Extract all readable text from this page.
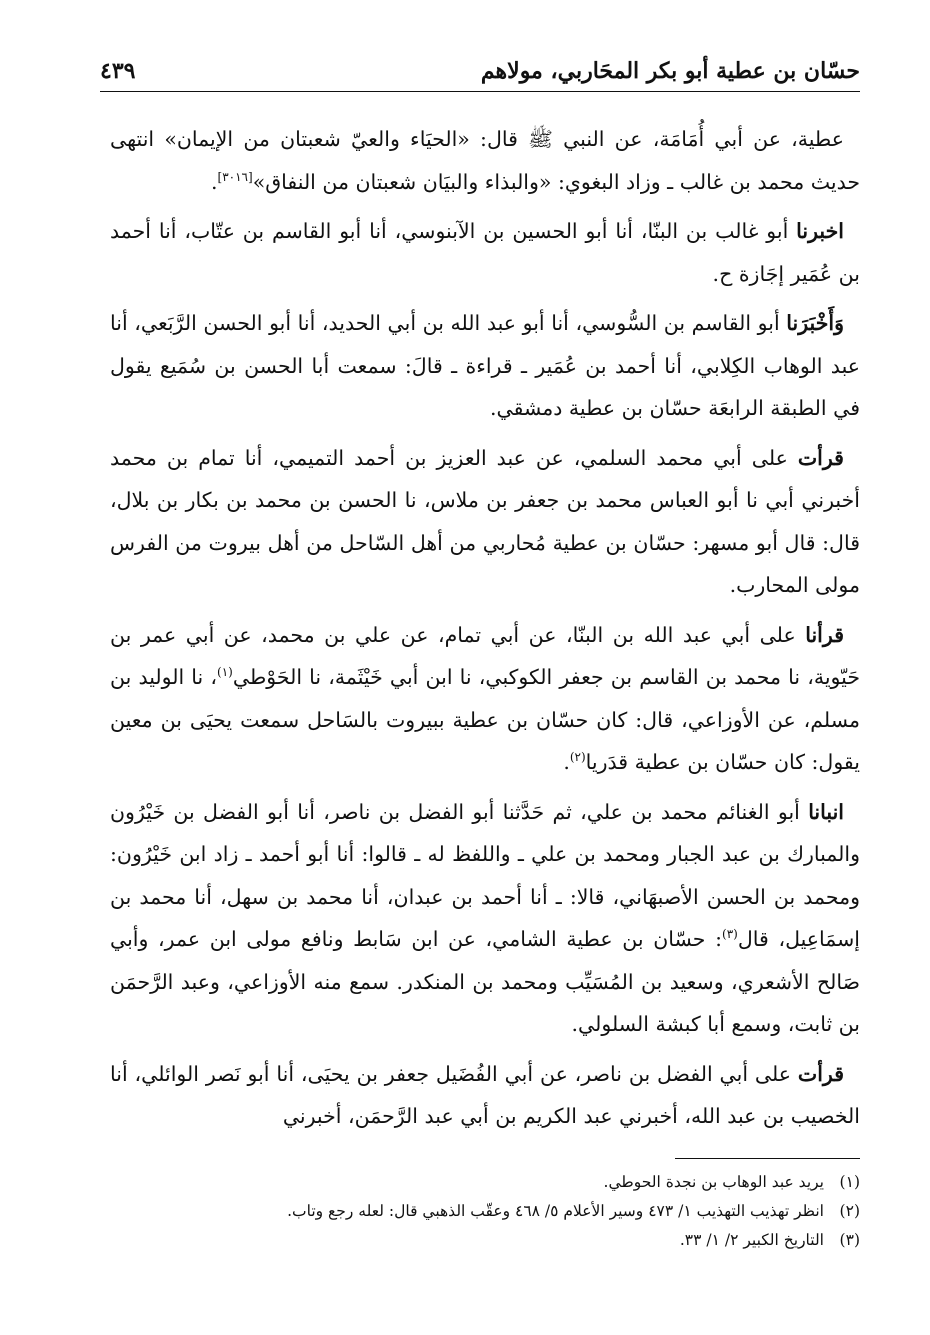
حسّان بن عطية أبو بكر المحَاربي، مولاهم
٤٣٩

عطية، عن أبي أُمَامَة، عن النبي ﷺ قال: «الحيَاء والعيّ شعبتان من الإيمان» انتهى حديث محمد بن غالب ـ وزاد البغوي: «والبذاء والبيَان شعبتان من النفاق»[٣٠١٦].

اخبرنا أبو غالب بن البنّا، أنا أبو الحسين بن الآبنوسي، أنا أبو القاسم بن عتّاب، أنا أحمد بن عُمَير إجَازة ح.

وَأَخْبَرَنا أبو القاسم بن السُّوسي، أنا أبو عبد الله بن أبي الحديد، أنا أبو الحسن الرَّبَعي، أنا عبد الوهاب الكِلابي، أنا أحمد بن عُمَير ـ قراءة ـ قالَ: سمعت أبا الحسن بن سُمَيع يقول في الطبقة الرابعَة حسّان بن عطية دمشقي.

قرأت على أبي محمد السلمي، عن عبد العزيز بن أحمد التميمي، أنا تمام بن محمد أخبرني أبي نا أبو العباس محمد بن جعفر بن ملاس، نا الحسن بن محمد بن بكار بن بلال، قال: قال أبو مسهر: حسّان بن عطية مُحاربي من أهل السّاحل من أهل بيروت من الفرس مولى المحارب.

قرأنا على أبي عبد الله بن البنّا، عن أبي تمام، عن علي بن محمد، عن أبي عمر بن حَيّوية، نا محمد بن القاسم بن جعفر الكوكبي، نا ابن أبي خَيْثَمة، نا الحَوْطي$^{(١)}$، نا الوليد بن مسلم، عن الأوزاعي، قال: كان حسّان بن عطية ببيروت بالسَاحل سمعت يحيَى بن معين يقول: كان حسّان بن عطية قدَريا$^{(٢)}$.

انبانا أبو الغنائم محمد بن علي، ثم حَدَّثنا أبو الفضل بن ناصر، أنا أبو الفضل بن خَيْرُون والمبارك بن عبد الجبار ومحمد بن علي ـ واللفظ له ـ قالوا: أنا أبو أحمد ـ زاد ابن خَيْرُون: ومحمد بن الحسن الأصبهَاني، قالا: ـ أنا أحمد بن عبدان، أنا محمد بن سهل، أنا محمد بن إسمَاعِيل، قال$^{(٣)}$: حسّان بن عطية الشامي، عن ابن سَابط ونافع مولى ابن عمر، وأبي صَالح الأشعري، وسعيد بن المُسَيِّب ومحمد بن المنكدر. سمع منه الأوزاعي، وعبد الرَّحمَن بن ثابت، وسمع أبا كبشة السلولي.

قرأت على أبي الفضل بن ناصر، عن أبي الفُضَيل جعفر بن يحيَى، أنا أبو نَصر الوائلي، أنا الخصيب بن عبد الله، أخبرني عبد الكريم بن أبي عبد الرَّحمَن، أخبرني

(١)يريد عبد الوهاب بن نجدة الحوطي.
(٢)انظر تهذيب التهذيب ١/ ٤٧٣ وسير الأعلام ٥/ ٤٦٨ وعقّب الذهبي قال: لعله رجع وتاب.
(٣)التاريخ الكبير ٢/ ١/ ٣٣.
